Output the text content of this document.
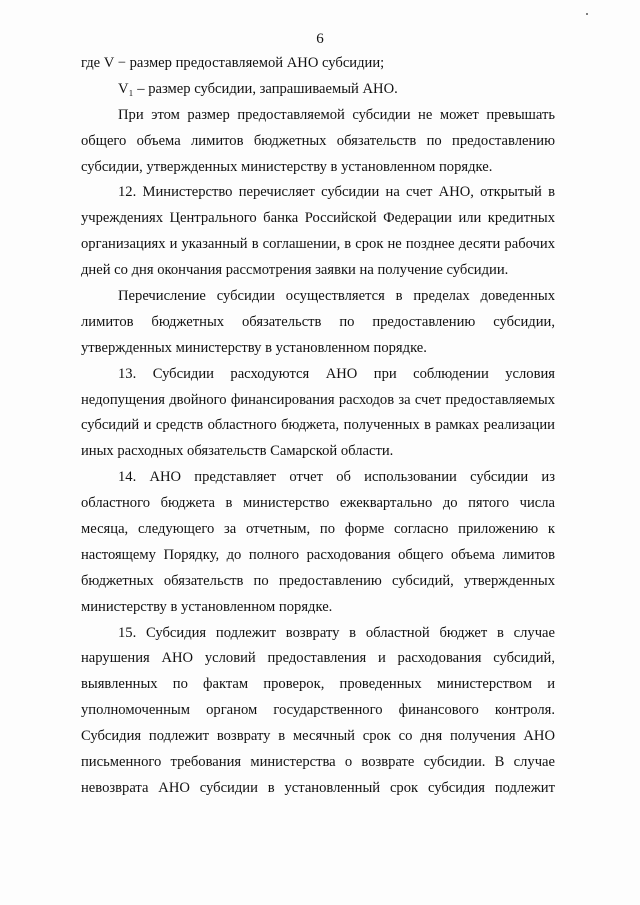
6
где V − размер предоставляемой АНО субсидии;
V₁ – размер субсидии, запрашиваемый АНО.
При этом размер предоставляемой субсидии не может превышать
общего объема лимитов бюджетных обязательств по предоставлению
субсидии, утвержденных министерству в установленном порядке.
12. Министерство перечисляет субсидии на счет АНО, открытый в
учреждениях Центрального банка Российской Федерации или кредитных
организациях и указанный в соглашении, в срок не позднее десяти рабочих
дней со дня окончания рассмотрения заявки на получение субсидии.
Перечисление субсидии осуществляется в пределах доведенных
лимитов бюджетных обязательств по предоставлению субсидии,
утвержденных министерству в установленном порядке.
13. Субсидии расходуются АНО при соблюдении условия
недопущения двойного финансирования расходов за счет предоставляемых
субсидий и средств областного бюджета, полученных в рамках реализации
иных расходных обязательств Самарской области.
14. АНО представляет отчет об использовании субсидии из
областного бюджета в министерство ежеквартально до пятого числа
месяца, следующего за отчетным, по форме согласно приложению к
настоящему Порядку, до полного расходования общего объема лимитов
бюджетных обязательств по предоставлению субсидий, утвержденных
министерству в установленном порядке.
15. Субсидия подлежит возврату в областной бюджет в случае
нарушения АНО условий предоставления и расходования субсидий,
выявленных по фактам проверок, проведенных министерством и
уполномоченным органом государственного финансового контроля.
Субсидия подлежит возврату в месячный срок со дня получения АНО
письменного требования министерства о возврате субсидии. В случае
невозврата АНО субсидии в установленный срок субсидия подлежит
